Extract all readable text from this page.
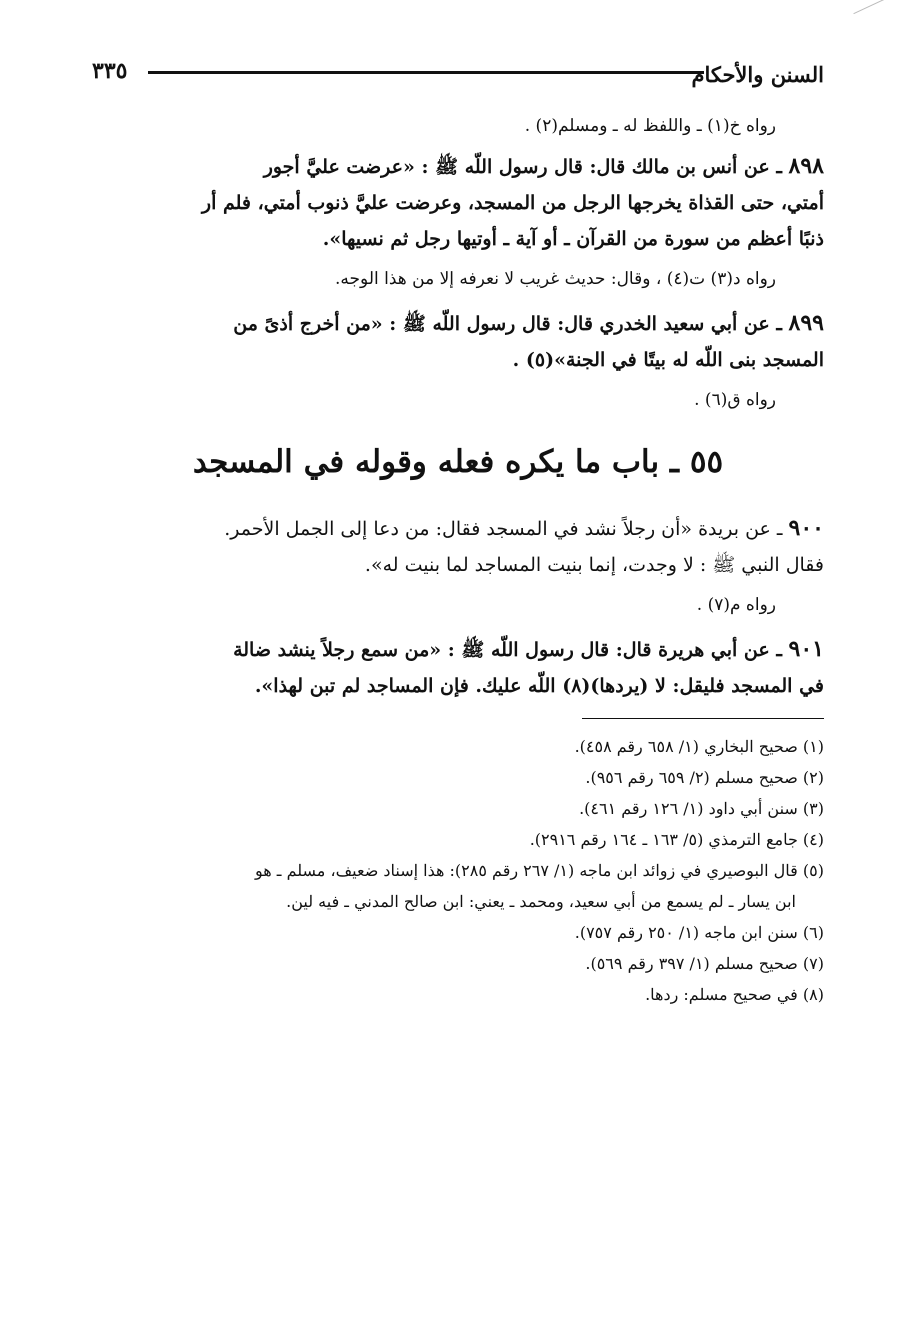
السنن والأحكام
٣٣٥
رواه خ(١) ـ واللفظ له ـ ومسلم(٢) .
٨٩٨ ـ عن أنس بن مالك قال: قال رسول اللّه ﷺ : «عرضت عليَّ أجور
أمتي، حتى القذاة يخرجها الرجل من المسجد، وعرضت عليَّ ذنوب أمتي، فلم أر
ذنبًا أعظم من سورة من القرآن ـ أو آية ـ أوتيها رجل ثم نسيها».
رواه د(٣) ت(٤) ، وقال: حديث غريب لا نعرفه إلا من هذا الوجه.
٨٩٩ ـ عن أبي سعيد الخدري قال: قال رسول اللّه ﷺ : «من أخرج أذىً من
المسجد بنى اللّه له بيتًا في الجنة»(٥) .
رواه ق(٦) .
٥٥ ـ باب ما يكره فعله وقوله في المسجد
٩٠٠ ـ عن بريدة «أن رجلاً نشد في المسجد فقال: من دعا إلى الجمل الأحمر.
فقال النبي ﷺ : لا وجدت، إنما بنيت المساجد لما بنيت له».
رواه م(٧) .
٩٠١ ـ عن أبي هريرة قال: قال رسول اللّه ﷺ : «من سمع رجلاً ينشد ضالة
في المسجد فليقل: لا (يردها)(٨) اللّه عليك. فإن المساجد لم تبن لهذا».
(١) صحيح البخاري (١/ ٦٥٨ رقم ٤٥٨).
(٢) صحيح مسلم (٢/ ٦٥٩ رقم ٩٥٦).
(٣) سنن أبي داود (١/ ١٢٦ رقم ٤٦١).
(٤) جامع الترمذي (٥/ ١٦٣ ـ ١٦٤ رقم ٢٩١٦).
(٥) قال البوصيري في زوائد ابن ماجه (١/ ٢٦٧ رقم ٢٨٥): هذا إسناد ضعيف، مسلم ـ هو
ابن يسار ـ لم يسمع من أبي سعيد، ومحمد ـ يعني: ابن صالح المدني ـ فيه لين.
(٦) سنن ابن ماجه (١/ ٢٥٠ رقم ٧٥٧).
(٧) صحيح مسلم (١/ ٣٩٧ رقم ٥٦٩).
(٨) في صحيح مسلم: ردها.
